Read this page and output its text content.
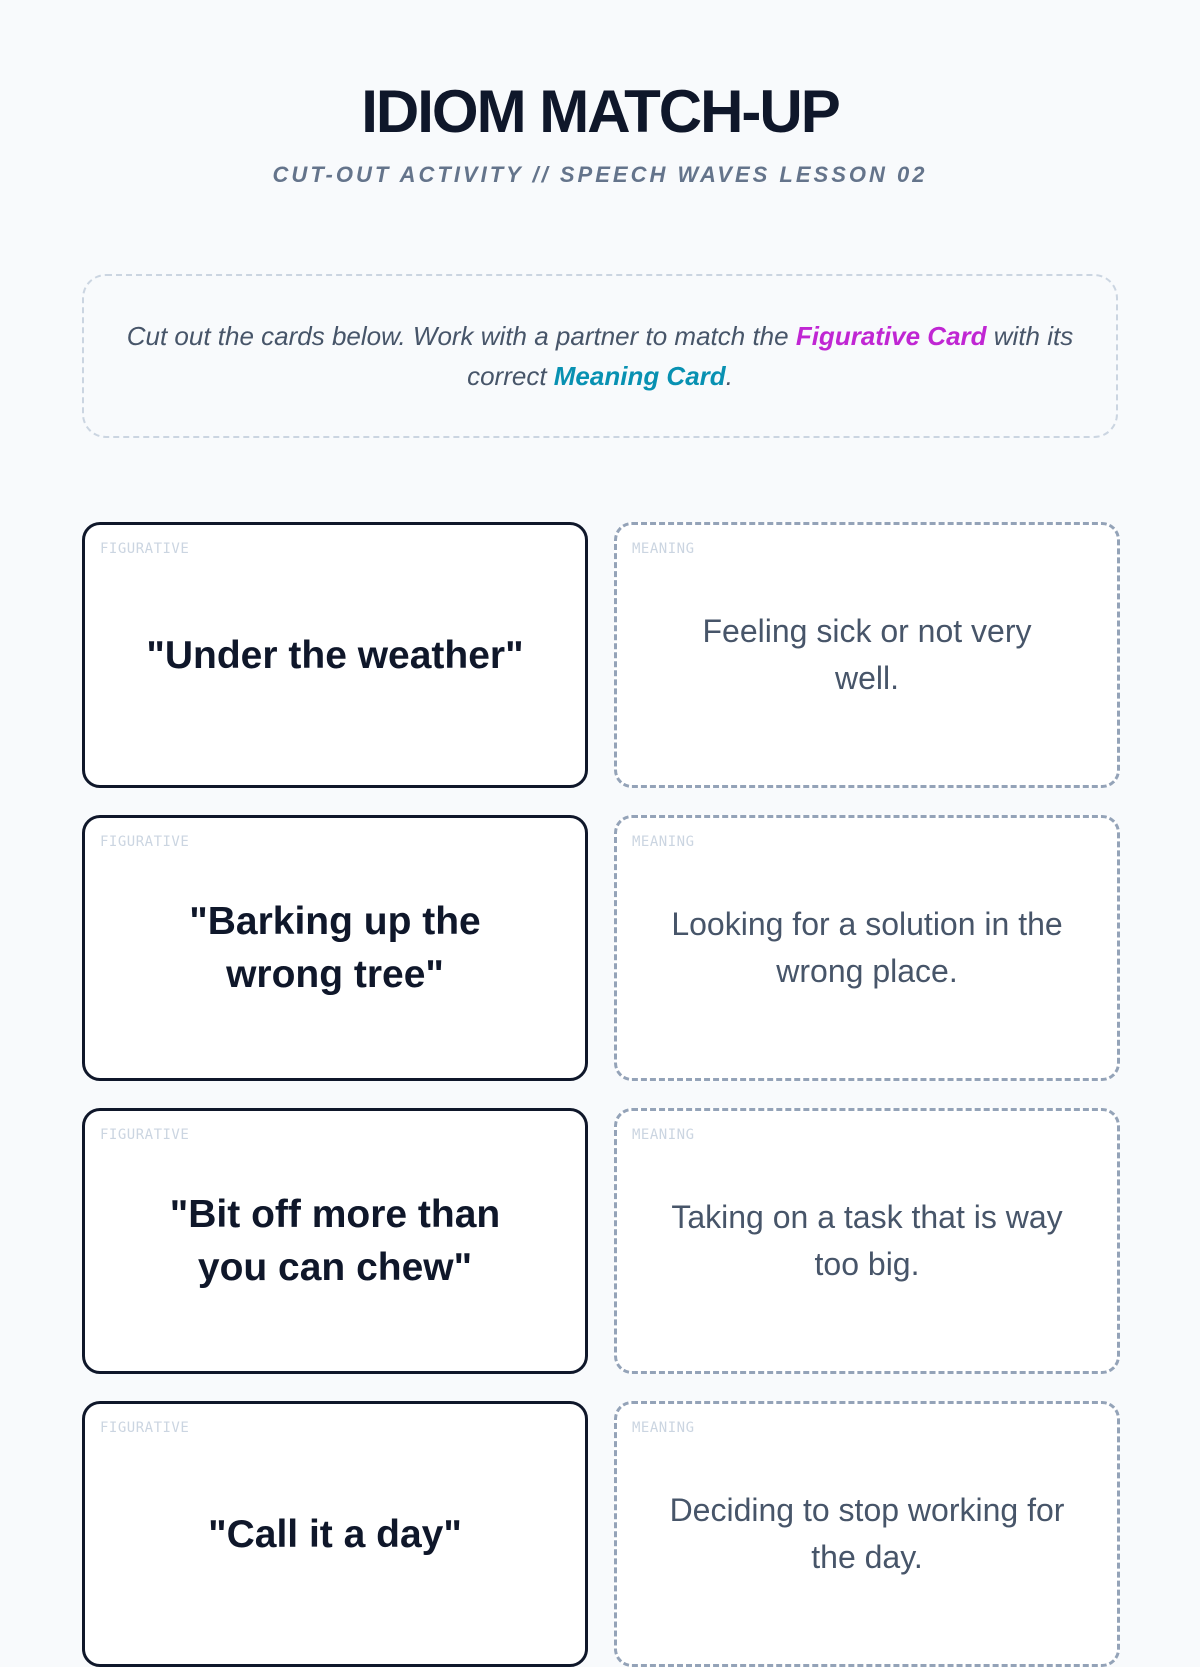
IDIOM MATCH-UP
CUT-OUT ACTIVITY // SPEECH WAVES LESSON 02

Cut out the cards below. Work with a partner to match the Figurative Card with its correct Meaning Card.

FIGURATIVE
"Under the weather"
MEANING
Feeling sick or not very well.
FIGURATIVE
"Barking up the wrong tree"
MEANING
Looking for a solution in the wrong place.
FIGURATIVE
"Bit off more than you can chew"
MEANING
Taking on a task that is way too big.
FIGURATIVE
"Call it a day"
MEANING
Deciding to stop working for the day.
